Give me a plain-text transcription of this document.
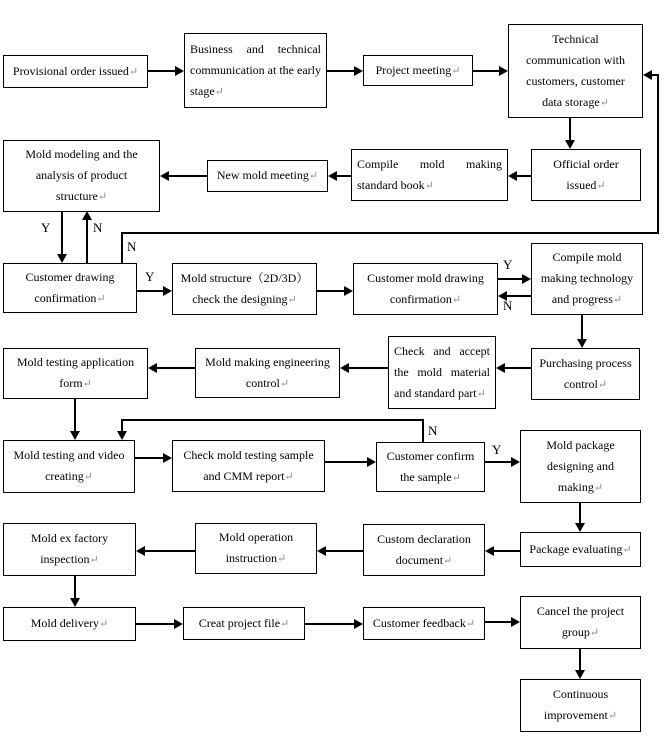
Provisional order issued↵
Business and technical communication at the early stage↵
Project meeting↵
Technical communication with customers, customer data storage↵
Official order issued↵
Compile mold making standard book↵
New mold meeting↵
Mold modeling and the analysis of product structure↵
Customer drawing confirmation↵
Mold structure（2D/3D） check the designing↵
Customer mold drawing confirmation↵
Compile mold making technology and progress↵
Purchasing process control↵
Check and accept the mold material and standard part↵
Mold making engineering control↵
Mold testing application form↵
Mold testing and video creating↵
Check mold testing sample and CMM report↵
Customer confirm the sample↵
Mold package designing and making↵
Mold ex factory inspection↵
Mold operation instruction↵
Custom declaration document↵
Package evaluating↵
Mold delivery↵	Creat project file↵	Customer feedback↵
Cancel the project group↵
Continuous improvement↵
Y	N
N
Y
Y
N
N
Y
